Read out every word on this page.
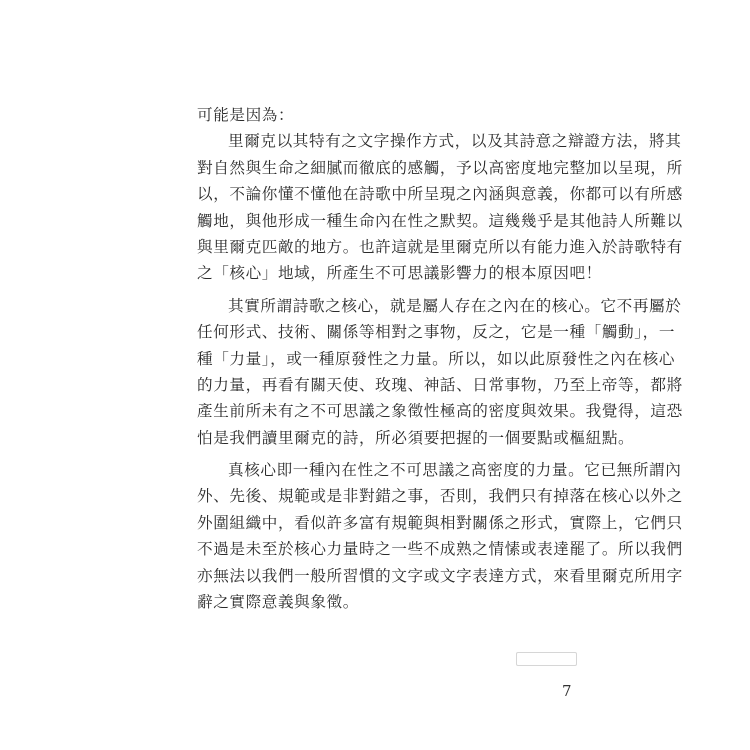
可能是因為：
里爾克以其特有之文字操作方式，以及其詩意之辯證方法，將其
對自然與生命之細膩而徹底的感觸，予以高密度地完整加以呈現，所
以，不論你懂不懂他在詩歌中所呈現之內涵與意義，你都可以有所感
觸地，與他形成一種生命內在性之默契。這幾幾乎是其他詩人所難以
與里爾克匹敵的地方。也許這就是里爾克所以有能力進入於詩歌特有
之「核心」地域，所產生不可思議影響力的根本原因吧！
其實所謂詩歌之核心，就是屬人存在之內在的核心。它不再屬於
任何形式、技術、關係等相對之事物，反之，它是一種「觸動」，一
種「力量」，或一種原發性之力量。所以，如以此原發性之內在核心
的力量，再看有關天使、玫瑰、神話、日常事物，乃至上帝等，都將
產生前所未有之不可思議之象徵性極高的密度與效果。我覺得，這恐
怕是我們讀里爾克的詩，所必須要把握的一個要點或樞紐點。
真核心即一種內在性之不可思議之高密度的力量。它已無所謂內
外、先後、規範或是非對錯之事，否則，我們只有掉落在核心以外之
外圍組織中，看似許多富有規範與相對關係之形式，實際上，它們只
不過是未至於核心力量時之一些不成熟之情愫或表達罷了。所以我們
亦無法以我們一般所習慣的文字或文字表達方式，來看里爾克所用字
辭之實際意義與象徵。
7
